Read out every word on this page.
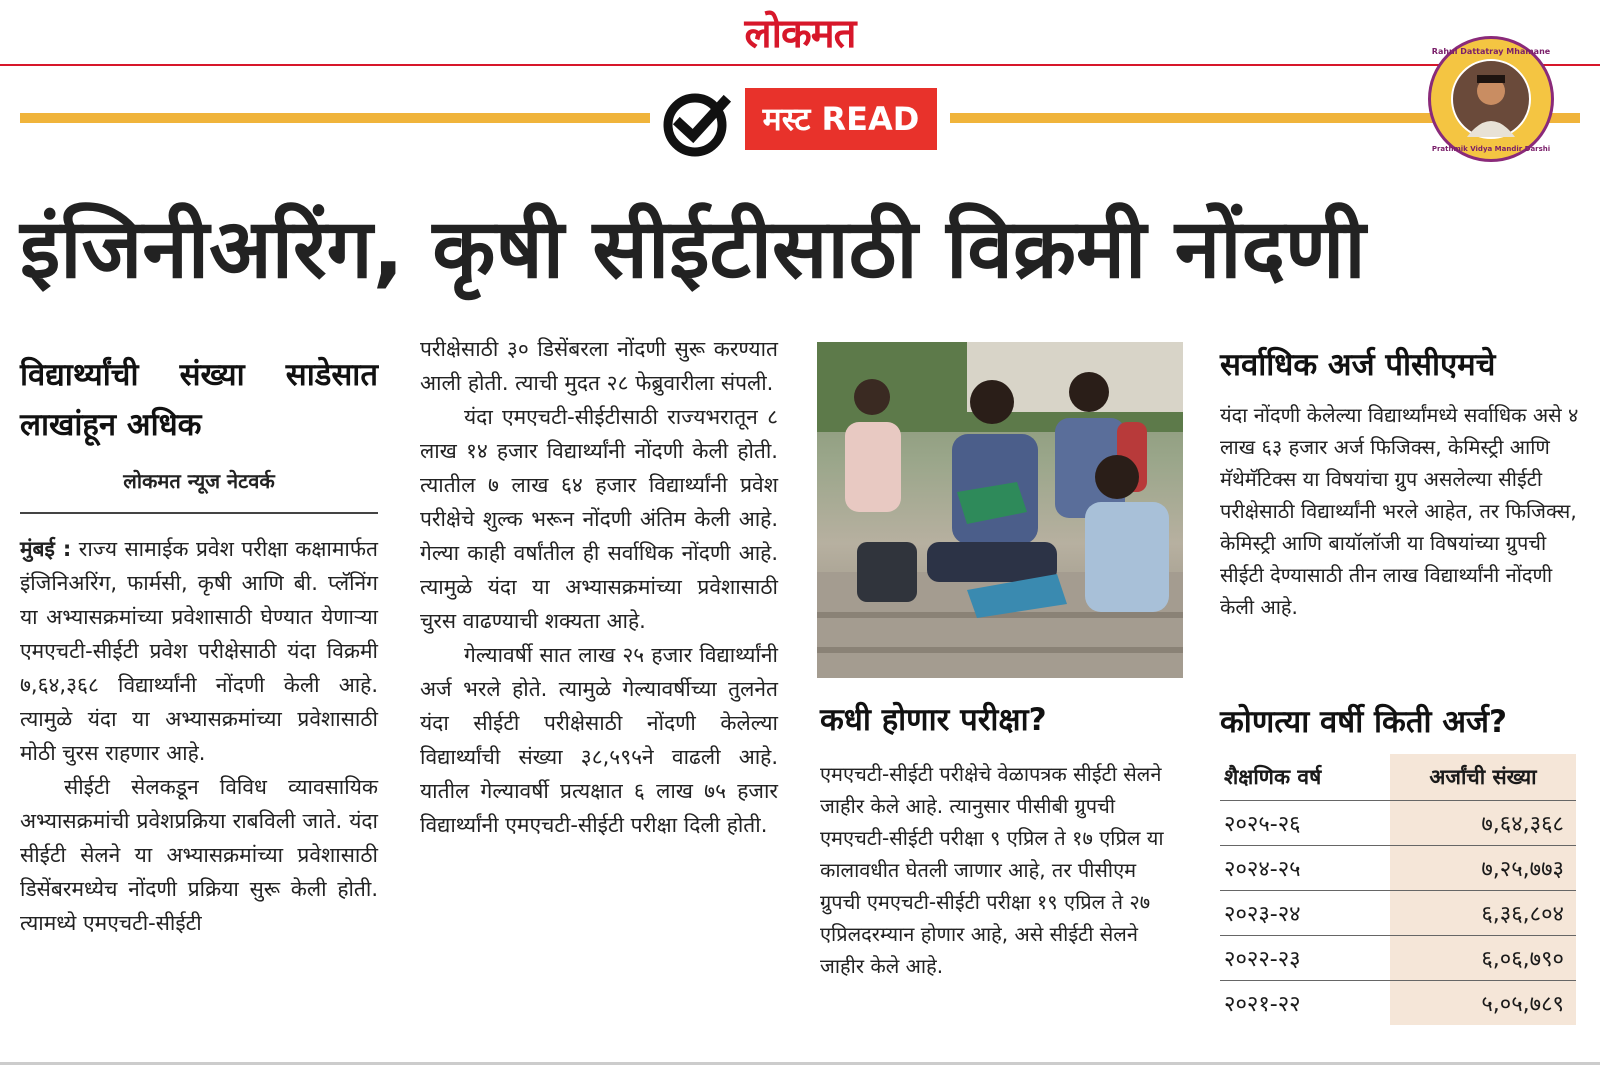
लोकमत
मस्ट READ
Rahul Dattatray Mhamane
Prathmik Vidya Mandir Darshi
इंजिनीअरिंग, कृषी सीईटीसाठी विक्रमी नोंदणी
विद्यार्थ्यांची संख्या साडेसात लाखांहून अधिक
लोकमत न्यूज नेटवर्क

मुंबई : राज्य सामाईक प्रवेश परीक्षा कक्षामार्फत इंजिनिअरिंग, फार्मसी, कृषी आणि बी. प्लॅनिंग या अभ्यासक्रमांच्या प्रवेशासाठी घेण्यात येणाऱ्या एमएचटी-सीईटी प्रवेश परीक्षेसाठी यंदा विक्रमी ७,६४,३६८ विद्यार्थ्यांनी नोंदणी केली आहे. त्यामुळे यंदा या अभ्यासक्रमांच्या प्रवेशासाठी मोठी चुरस राहणार आहे.

सीईटी सेलकडून विविध व्यावसायिक अभ्यासक्रमांची प्रवेशप्रक्रिया राबविली जाते. यंदा सीईटी सेलने या अभ्यासक्रमांच्या प्रवेशासाठी डिसेंबरमध्येच नोंदणी प्रक्रिया सुरू केली होती. त्यामध्ये एमएचटी-सीईटी

परीक्षेसाठी ३० डिसेंबरला नोंदणी सुरू करण्यात आली होती. त्याची मुदत २८ फेब्रुवारीला संपली.

यंदा एमएचटी-सीईटीसाठी राज्यभरातून ८ लाख १४ हजार विद्यार्थ्यांनी नोंदणी केली होती. त्यातील ७ लाख ६४ हजार विद्यार्थ्यांनी प्रवेश परीक्षेचे शुल्क भरून नोंदणी अंतिम केली आहे. गेल्या काही वर्षांतील ही सर्वाधिक नोंदणी आहे. त्यामुळे यंदा या अभ्यासक्रमांच्या प्रवेशासाठी चुरस वाढण्याची शक्यता आहे.

गेल्यावर्षी सात लाख २५ हजार विद्यार्थ्यांनी अर्ज भरले होते. त्यामुळे गेल्यावर्षीच्या तुलनेत यंदा सीईटी परीक्षेसाठी नोंदणी केलेल्या विद्यार्थ्यांची संख्या ३८,५९५ने वाढली आहे. यातील गेल्यावर्षी प्रत्यक्षात ६ लाख ७५ हजार विद्यार्थ्यांनी एमएचटी-सीईटी परीक्षा दिली होती.

कधी होणार परीक्षा?

एमएचटी-सीईटी परीक्षेचे वेळापत्रक सीईटी सेलने जाहीर केले आहे. त्यानुसार पीसीबी ग्रुपची एमएचटी-सीईटी परीक्षा ९ एप्रिल ते १७ एप्रिल या कालावधीत घेतली जाणार आहे, तर पीसीएम ग्रुपची एमएचटी-सीईटी परीक्षा १९ एप्रिल ते २७ एप्रिलदरम्यान होणार आहे, असे सीईटी सेलने जाहीर केले आहे.

सर्वाधिक अर्ज पीसीएमचे

यंदा नोंदणी केलेल्या विद्यार्थ्यांमध्ये सर्वाधिक असे ४ लाख ६३ हजार अर्ज फिजिक्स, केमिस्ट्री आणि मॅथेमॅटिक्स या विषयांचा ग्रुप असलेल्या सीईटी परीक्षेसाठी विद्यार्थ्यांनी भरले आहेत, तर फिजिक्स, केमिस्ट्री आणि बायॉलॉजी या विषयांच्या ग्रुपची सीईटी देण्यासाठी तीन लाख विद्यार्थ्यांनी नोंदणी केली आहे.

कोणत्या वर्षी किती अर्ज?
शैक्षणिक वर्ष	अर्जांची संख्या
२०२५-२६	७,६४,३६८
२०२४-२५	७,२५,७७३
२०२३-२४	६,३६,८०४
२०२२-२३	६,०६,७९०
२०२१-२२	५,०५,७८९
